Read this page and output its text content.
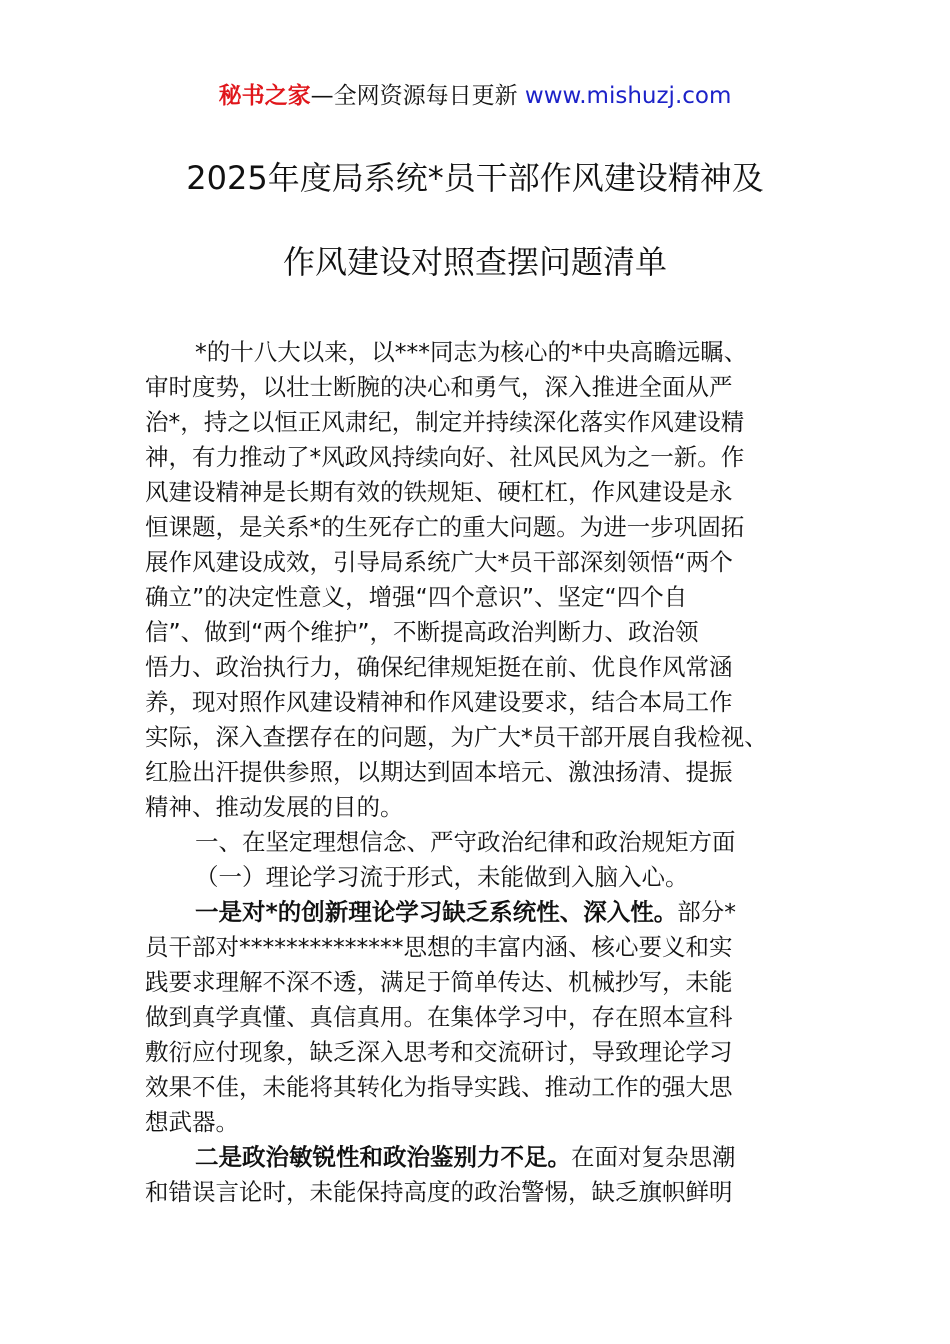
秘书之家—全网资源每日更新 www.mishuzj.com
2025年度局系统*员干部作风建设精神及
作风建设对照查摆问题清单
*的十八大以来，以***同志为核心的*中央高瞻远瞩、
审时度势，以壮士断腕的决心和勇气，深入推进全面从严
治*，持之以恒正风肃纪，制定并持续深化落实作风建设精
神，有力推动了*风政风持续向好、社风民风为之一新。作
风建设精神是长期有效的铁规矩、硬杠杠，作风建设是永
恒课题，是关系*的生死存亡的重大问题。为进一步巩固拓
展作风建设成效，引导局系统广大*员干部深刻领悟“两个
确立”的决定性意义，增强“四个意识”、坚定“四个自
信”、做到“两个维护”，不断提高政治判断力、政治领
悟力、政治执行力，确保纪律规矩挺在前、优良作风常涵
养，现对照作风建设精神和作风建设要求，结合本局工作
实际，深入查摆存在的问题，为广大*员干部开展自我检视、
红脸出汗提供参照，以期达到固本培元、激浊扬清、提振
精神、推动发展的目的。
一、在坚定理想信念、严守政治纪律和政治规矩方面
（一）理论学习流于形式，未能做到入脑入心。
一是对*的创新理论学习缺乏系统性、深入性。部分*
员干部对**************思想的丰富内涵、核心要义和实
践要求理解不深不透，满足于简单传达、机械抄写，未能
做到真学真懂、真信真用。在集体学习中，存在照本宣科
敷衍应付现象，缺乏深入思考和交流研讨，导致理论学习
效果不佳，未能将其转化为指导实践、推动工作的强大思
想武器。
二是政治敏锐性和政治鉴别力不足。在面对复杂思潮
和错误言论时，未能保持高度的政治警惕，缺乏旗帜鲜明
